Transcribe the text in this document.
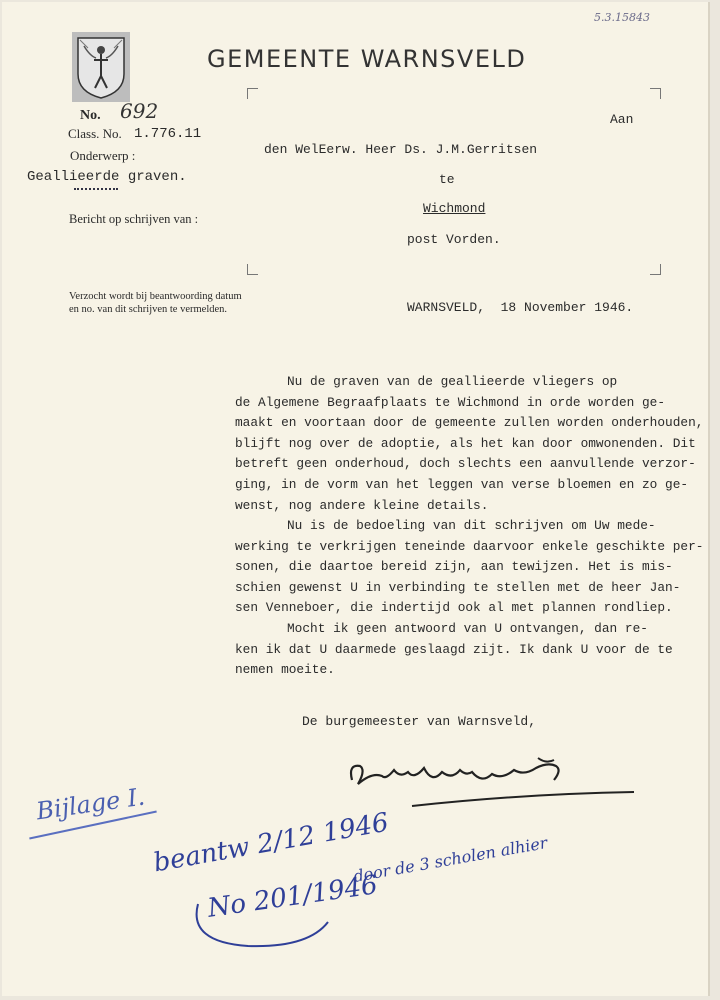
5.3.15843
GEMEENTE WARNSVELD
No. 692
Class. No. 1.776.11
Onderwerp :
Geallieerde graven.
Bericht op schrijven van :
Verzocht wordt bij beantwoording datum
en no. van dit schrijven te vermelden.
Aan
den WelEerw. Heer Ds. J.M.Gerritsen
te
Wichmond
post Vorden.
WARNSVELD,  18 November 1946.

Nu de graven van de geallieerde vliegers op

de Algemene Begraafplaats te Wichmond in orde worden ge-

maakt en voortaan door de gemeente zullen worden onderhouden,

blijft nog over de adoptie, als het kan door omwonenden. Dit

betreft geen onderhoud, doch slechts een aanvullende verzor-

ging, in de vorm van het leggen van verse bloemen en zo ge-

wenst, nog andere kleine details.

Nu is de bedoeling van dit schrijven om Uw mede-

werking te verkrijgen teneinde daarvoor enkele geschikte per-

sonen, die daartoe bereid zijn, aan tewijzen. Het is mis-

schien gewenst U in verbinding te stellen met de heer Jan-

sen Venneboer, die indertijd ook al met plannen rondliep.

Mocht ik geen antwoord van U ontvangen, dan re-

ken ik dat U daarmede geslaagd zijt. Ik dank U voor de te

nemen moeite.

De burgemeester van Warnsveld,
Bijlage I.
beantw 2/12 1946
No 201/1946
door de 3 scholen alhier
